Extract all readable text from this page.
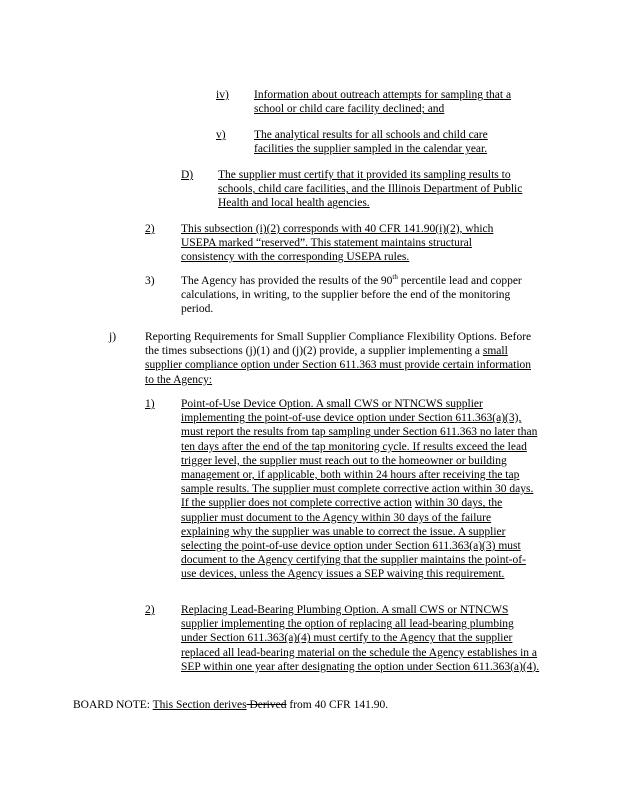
iv) Information about outreach attempts for sampling that a school or child care facility declined; and
v) The analytical results for all schools and child care facilities the supplier sampled in the calendar year.
D) The supplier must certify that it provided its sampling results to schools, child care facilities, and the Illinois Department of Public Health and local health agencies.
2) This subsection (i)(2) corresponds with 40 CFR 141.90(i)(2), which USEPA marked “reserved”. This statement maintains structural consistency with the corresponding USEPA rules.
3) The Agency has provided the results of the 90th percentile lead and copper calculations, in writing, to the supplier before the end of the monitoring period.
j)	Reporting Requirements for Small Supplier Compliance Flexibility Options. Before the times subsections (j)(1) and (j)(2) provide, a supplier implementing a small supplier compliance option under Section 611.363 must provide certain information to the Agency:
1) Point-of-Use Device Option. A small CWS or NTNCWS supplier implementing the point-of-use device option under Section 611.363(a)(3), must report the results from tap sampling under Section 611.363 no later than ten days after the end of the tap monitoring cycle. If results exceed the lead trigger level, the supplier must reach out to the homeowner or building management or, if applicable, both within 24 hours after receiving the tap sample results. The supplier must complete corrective action within 30 days. If the supplier does not complete corrective action within 30 days, the supplier must document to the Agency within 30 days of the failure explaining why the supplier was unable to correct the issue. A supplier selecting the point-of-use device option under Section 611.363(a)(3) must document to the Agency certifying that the supplier maintains the point-of-use devices, unless the Agency issues a SEP waiving this requirement.
2) Replacing Lead-Bearing Plumbing Option. A small CWS or NTNCWS supplier implementing the option of replacing all lead-bearing plumbing under Section 611.363(a)(4) must certify to the Agency that the supplier replaced all lead-bearing material on the schedule the Agency establishes in a SEP within one year after designating the option under Section 611.363(a)(4).
BOARD NOTE: This Section derives Derived from 40 CFR 141.90.
